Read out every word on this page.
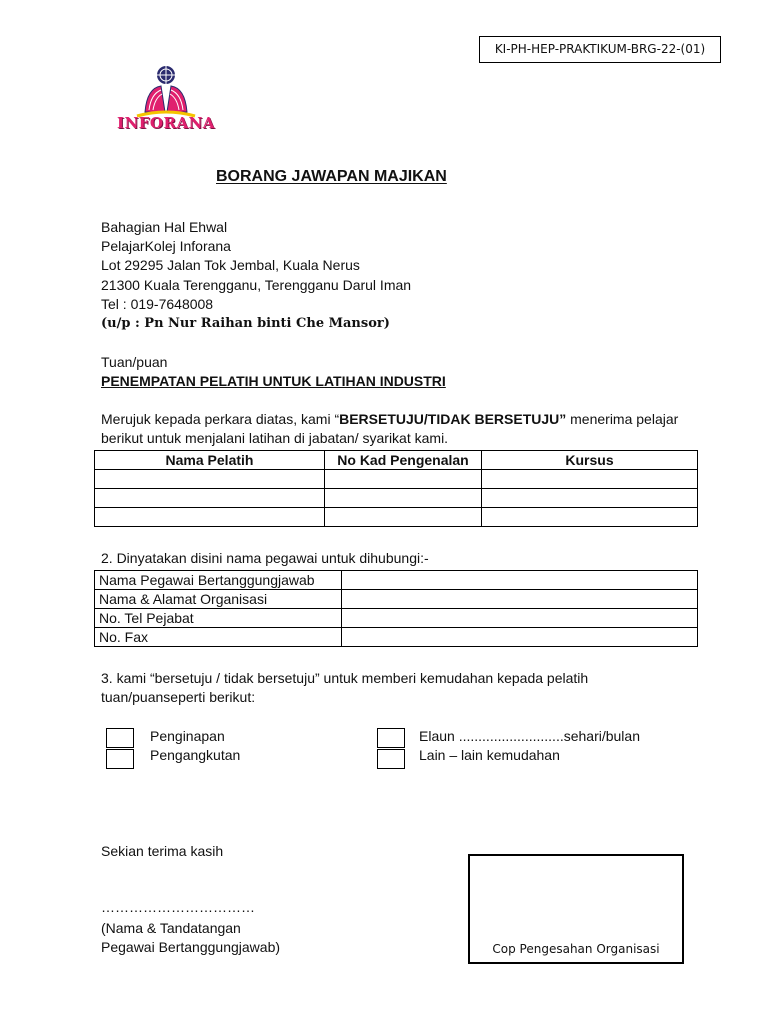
KI-PH-HEP-PRAKTIKUM-BRG-22-(01)
INFORANA
BORANG JAWAPAN MAJIKAN
Bahagian Hal Ehwal
PelajarKolej Inforana
Lot 29295 Jalan Tok Jembal, Kuala Nerus
21300 Kuala Terengganu, Terengganu Darul Iman
Tel : 019-7648008
(u/p : Pn Nur Raihan binti Che Mansor)
Tuan/puan
PENEMPATAN PELATIH UNTUK LATIHAN INDUSTRI
Merujuk kepada perkara diatas, kami “BERSETUJU/TIDAK BERSETUJU” menerima pelajar
berikut untuk menjalani latihan di jabatan/ syarikat kami.
Nama Pelatih	No Kad Pengenalan	Kursus

2. Dinyatakan disini nama pegawai untuk dihubungi:-
Nama Pegawai Bertanggungjawab	
Nama & Alamat Organisasi	
No. Tel Pejabat	
No. Fax	
3. kami “bersetuju / tidak bersetuju” untuk memberi kemudahan kepada pelatih
tuan/puanseperti berikut:
Penginapan
Pengangkutan
Elaun ...........................sehari/bulan
Lain – lain kemudahan
Sekian terima kasih
……………………………
(Nama & Tandatangan
Pegawai Bertanggungjawab)	Cop Pengesahan Organisasi
